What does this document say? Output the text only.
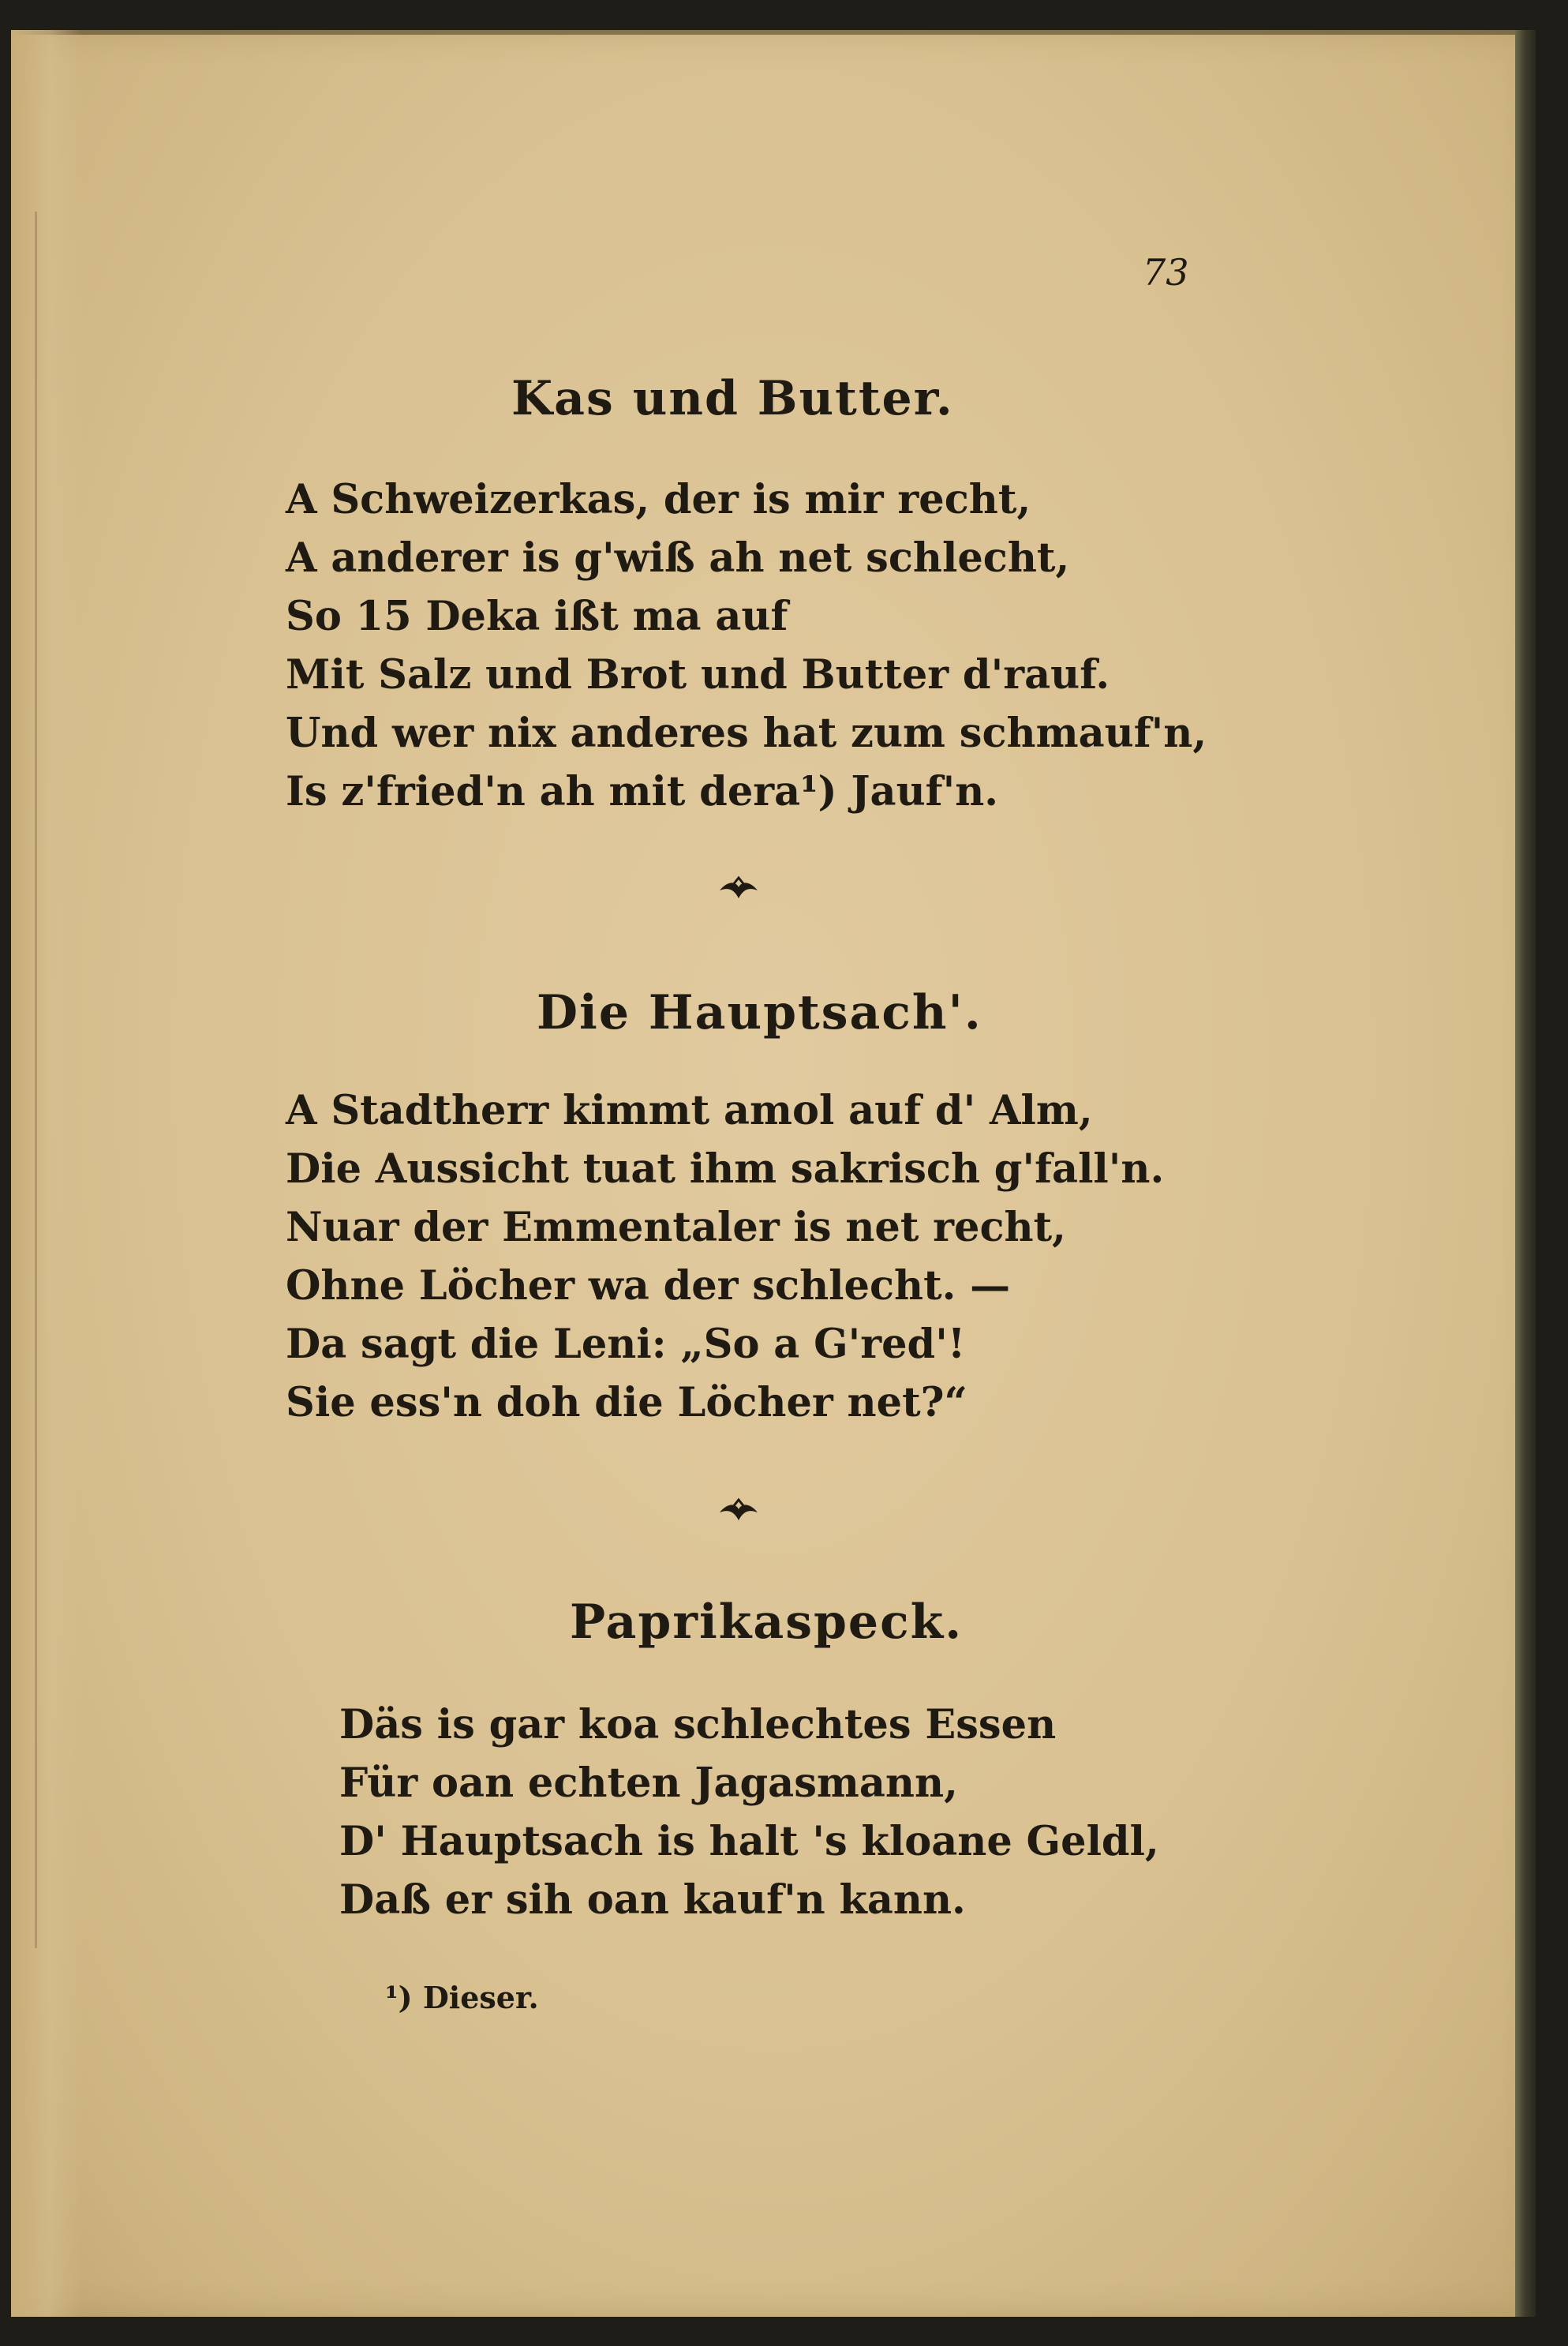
73
Kas und Butter.
A Schweizerkas, der is mir recht,
A anderer is g'wiß ah net schlecht,
So 15 Deka ißt ma auf
Mit Salz und Brot und Butter d'rauf.
Und wer nix anderes hat zum schmauf'n,
Is z'fried'n ah mit dera¹) Jauf'n.
Die Hauptsach'.
A Stadtherr kimmt amol auf d' Alm,
Die Aussicht tuat ihm sakrisch g'fall'n.
Nuar der Emmentaler is net recht,
Ohne Löcher wa der schlecht. —
Da sagt die Leni: „So a G'red'!
Sie ess'n doh die Löcher net?“
Paprikaspeck.
Däs is gar koa schlechtes Essen
Für oan echten Jagasmann,
D' Hauptsach is halt 's kloane Geldl,
Daß er sih oan kauf'n kann.
¹) Dieser.
